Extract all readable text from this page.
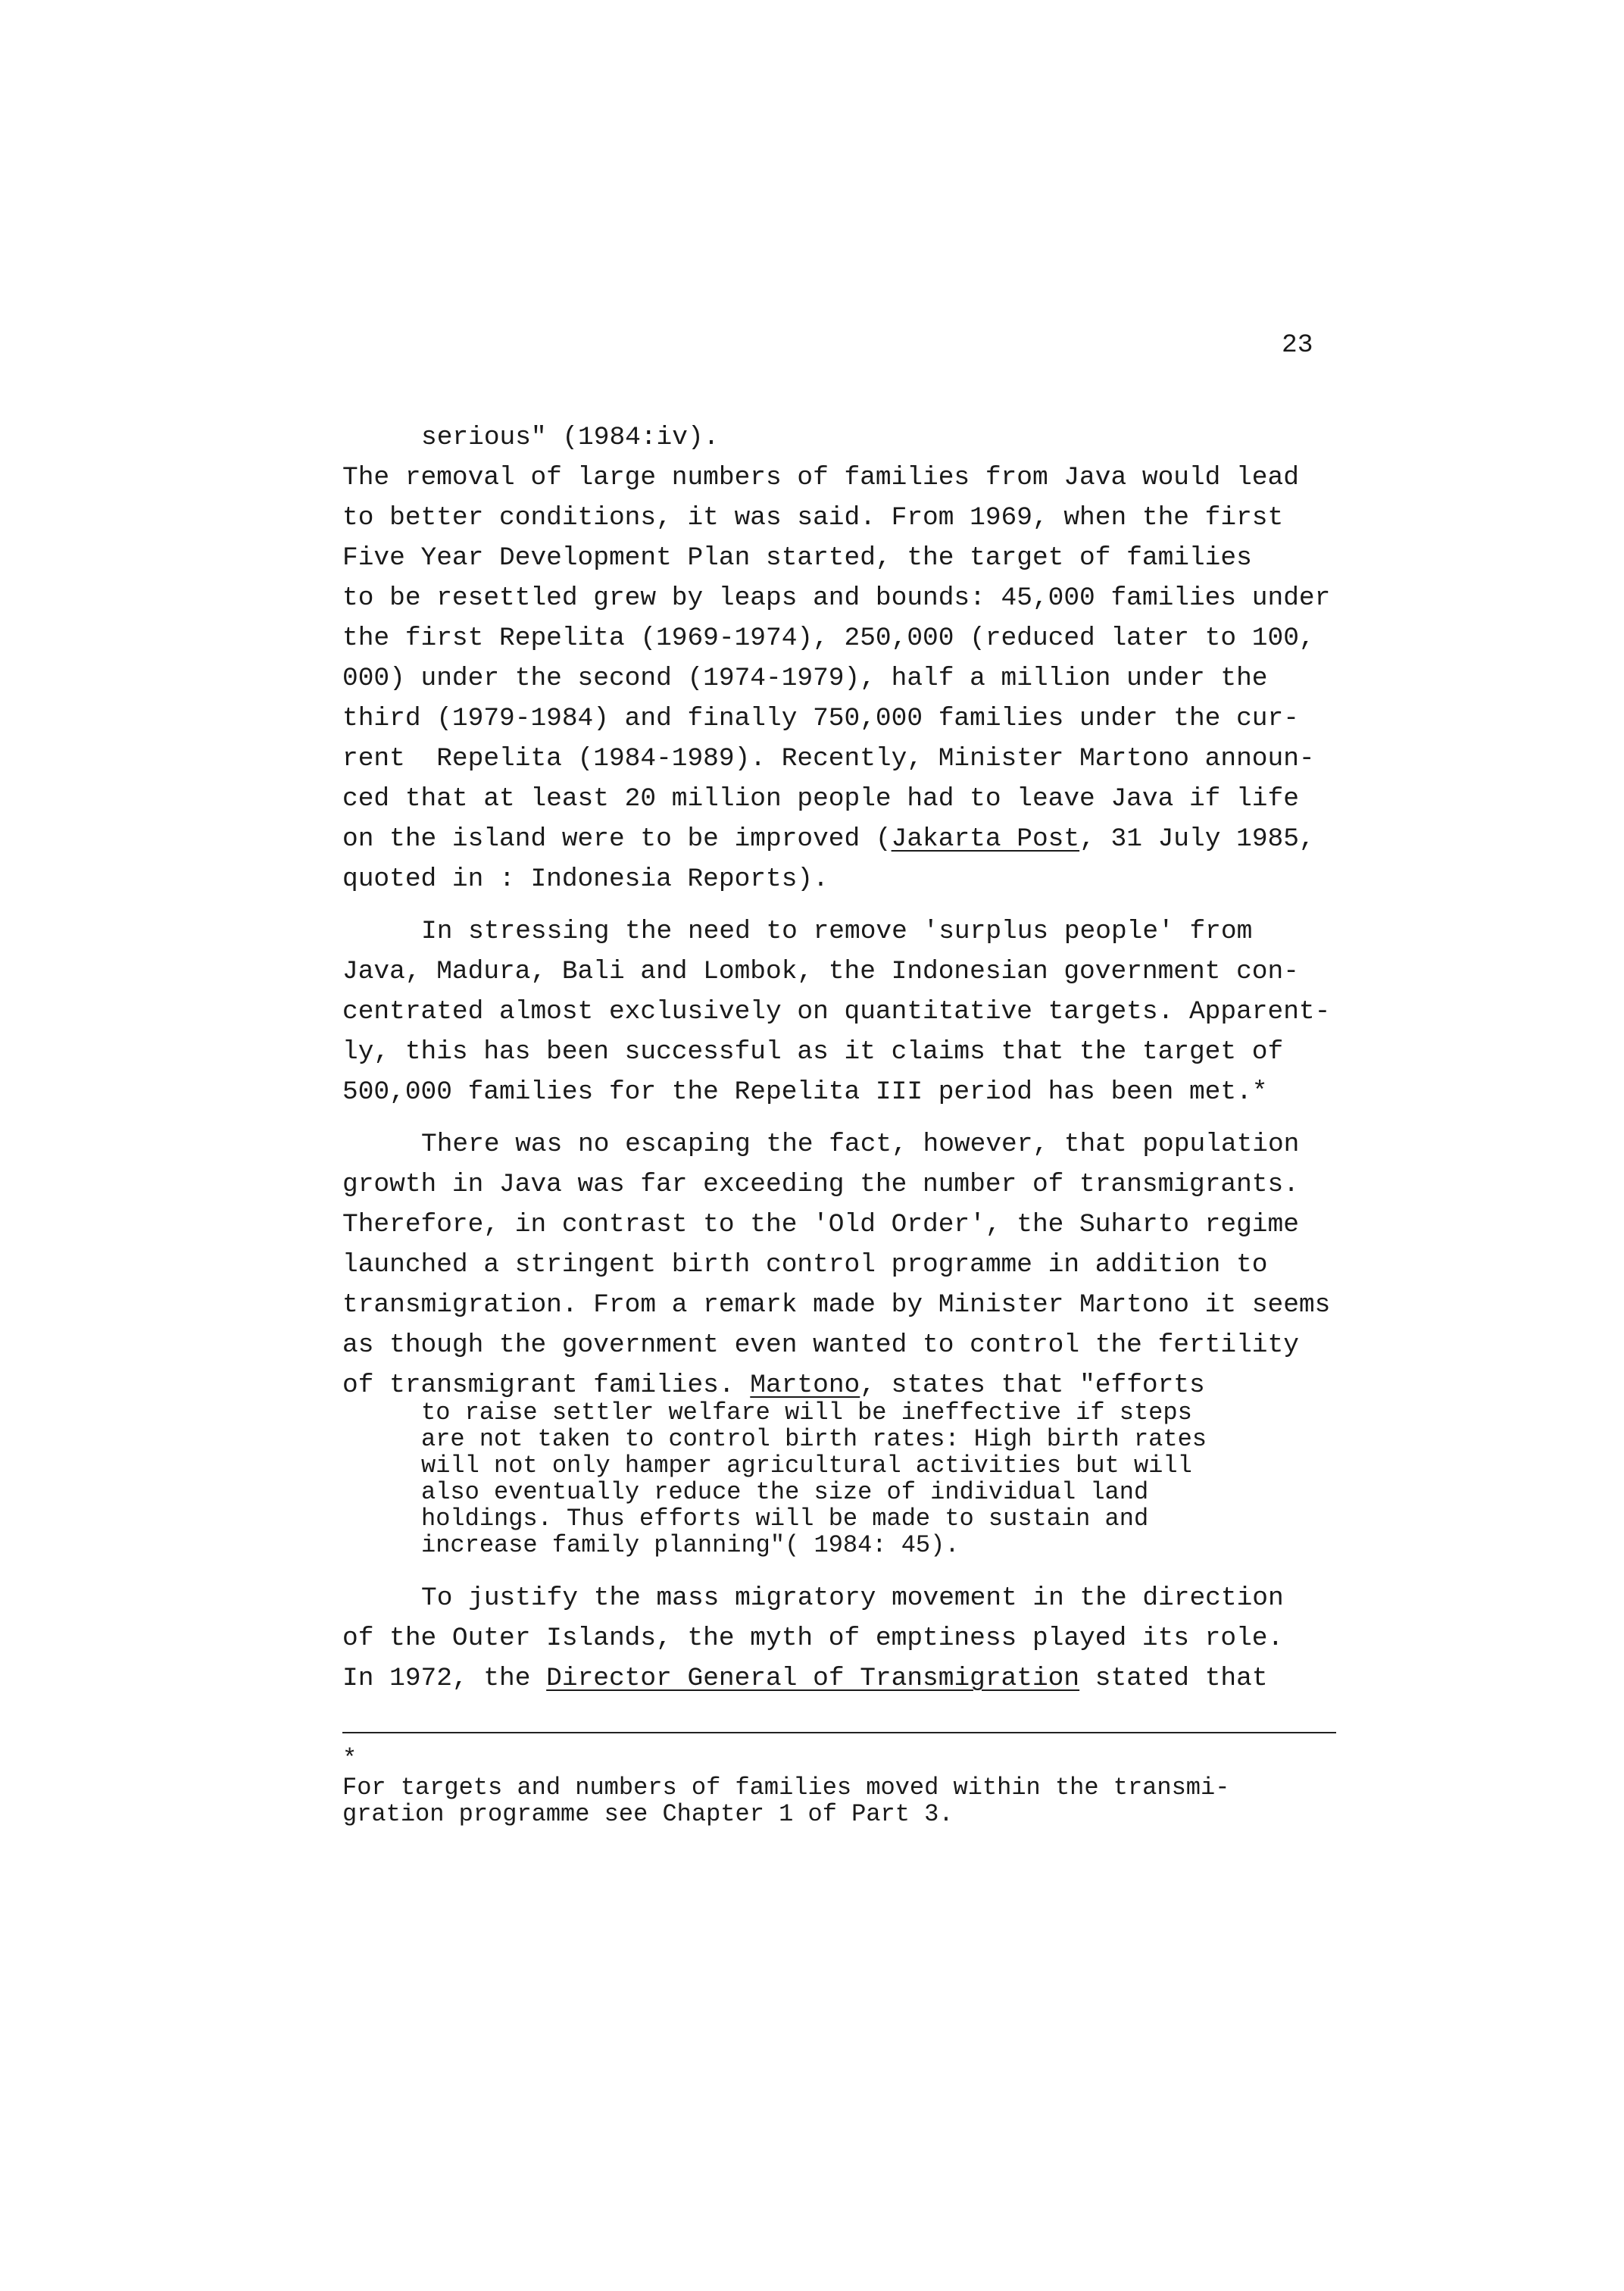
23
serious" (1984:iv).
The removal of large numbers of families from Java would lead
to better conditions, it was said. From 1969, when the first
Five Year Development Plan started, the target of families
to be resettled grew by leaps and bounds: 45,000 families under
the first Repelita (1969-1974), 250,000 (reduced later to 100,
000) under the second (1974-1979), half a million under the
third (1979-1984) and finally 750,000 families under the cur-
rent  Repelita (1984-1989). Recently, Minister Martono announ-
ced that at least 20 million people had to leave Java if life
on the island were to be improved (Jakarta Post, 31 July 1985,
quoted in : Indonesia Reports).
In stressing the need to remove 'surplus people' from
Java, Madura, Bali and Lombok, the Indonesian government con-
centrated almost exclusively on quantitative targets. Apparent-
ly, this has been successful as it claims that the target of
500,000 families for the Repelita III period has been met.*
There was no escaping the fact, however, that population
growth in Java was far exceeding the number of transmigrants.
Therefore, in contrast to the 'Old Order', the Suharto regime
launched a stringent birth control programme in addition to
transmigration. From a remark made by Minister Martono it seems
as though the government even wanted to control the fertility
of transmigrant families. Martono, states that "efforts
to raise settler welfare will be ineffective if steps
are not taken to control birth rates: High birth rates
will not only hamper agricultural activities but will
also eventually reduce the size of individual land
holdings. Thus efforts will be made to sustain and
increase family planning"( 1984: 45).
To justify the mass migratory movement in the direction
of the Outer Islands, the myth of emptiness played its role.
In 1972, the Director General of Transmigration stated that
*
For targets and numbers of families moved within the transmi-
gration programme see Chapter 1 of Part 3.
